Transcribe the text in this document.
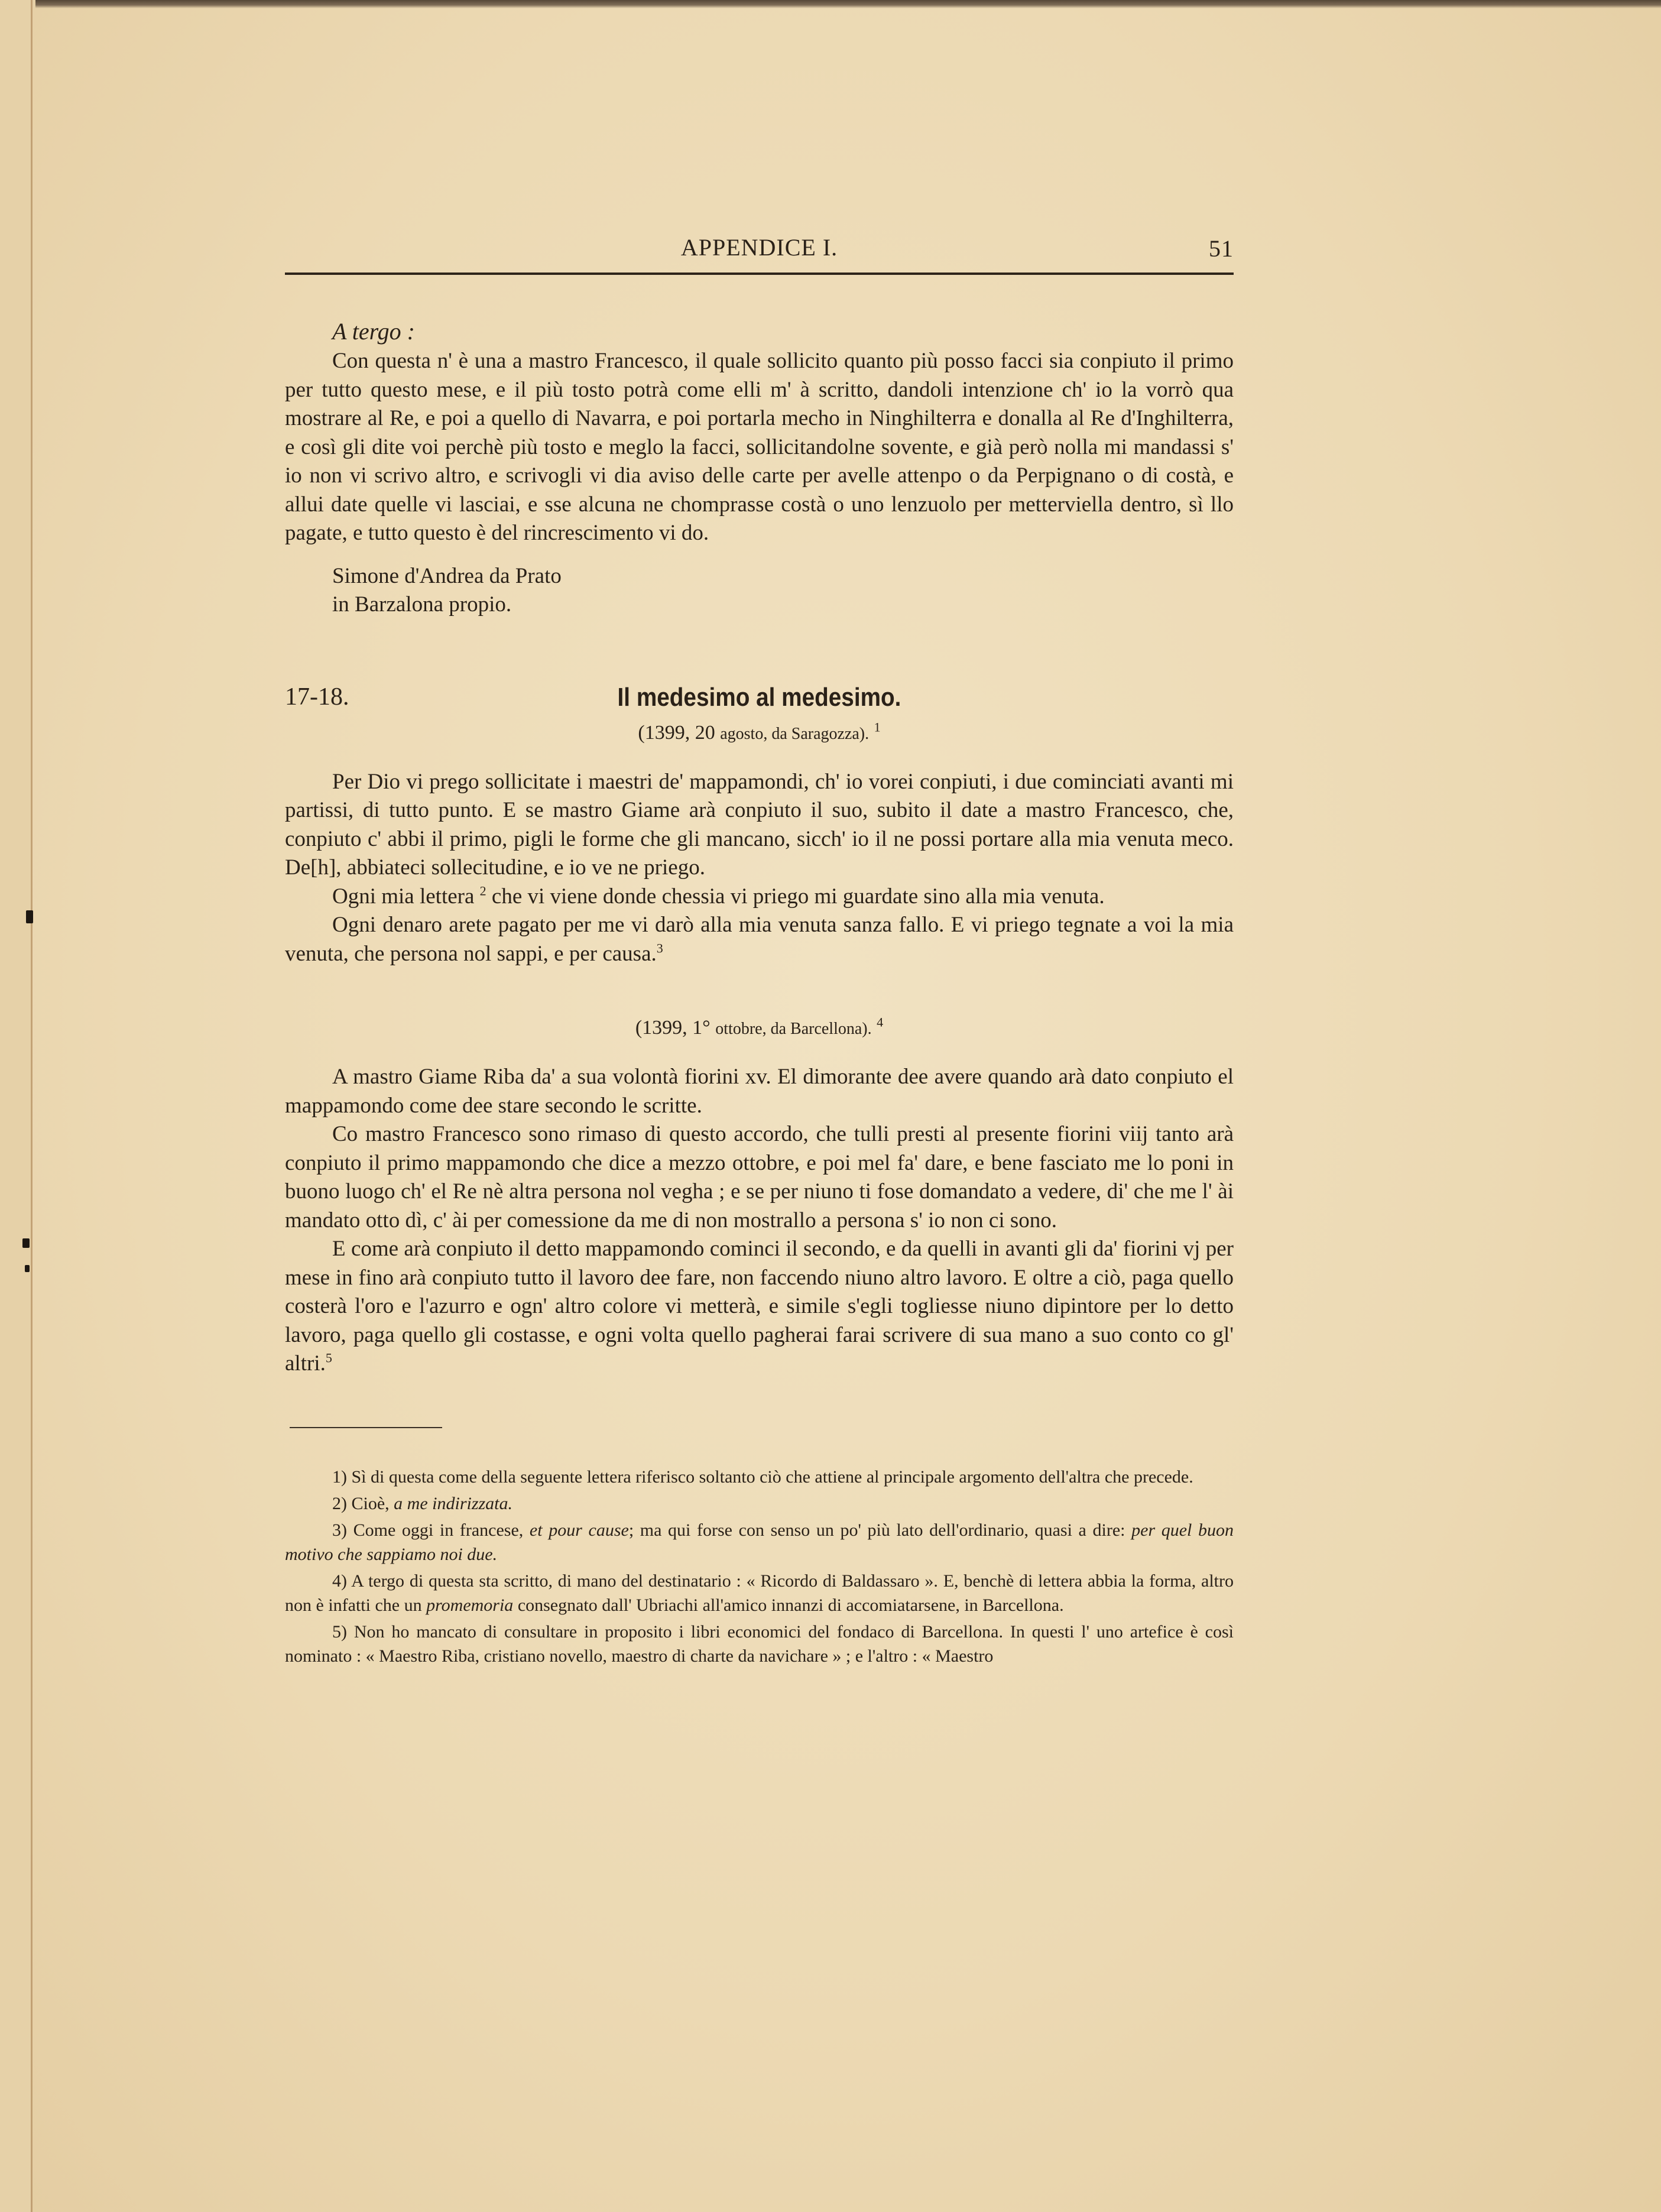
APPENDICE I.	51
A tergo :

Con questa n' è una a mastro Francesco, il quale sollicito quanto più posso facci sia conpiuto il primo per tutto questo mese, e il più tosto potrà come elli m' à scritto, dandoli intenzione ch' io la vorrò qua mostrare al Re, e poi a quello di Navarra, e poi portarla mecho in Ninghilterra e donalla al Re d'Inghilterra, e così gli dite voi perchè più tosto e meglo la facci, sollicitandolne sovente, e già però nolla mi mandassi s' io non vi scrivo altro, e scrivogli vi dia aviso delle carte per avelle attenpo o da Perpignano o di costà, e allui date quelle vi lasciai, e sse alcuna ne chomprasse costà o uno lenzuolo per metterviella dentro, sì llo pagate, e tutto questo è del rincrescimento vi do.

Simone d'Andrea da Prato
in Barzalona propio.
17-18.	Il medesimo al medesimo.
(1399, 20 agosto, da Saragozza). $^1$

Per Dio vi prego sollicitate i maestri de' mappamondi, ch' io vorei conpiuti, i due cominciati avanti mi partissi, di tutto punto. E se mastro Giame arà conpiuto il suo, subito il date a mastro Francesco, che, conpiuto c' abbi il primo, pigli le forme che gli mancano, sicch' io il ne possi portare alla mia venuta meco. De[h], abbiateci sollecitudine, e io ve ne priego.

Ogni mia lettera $^2$ che vi viene donde chessia vi priego mi guardate sino alla mia venuta.

Ogni denaro arete pagato per me vi darò alla mia venuta sanza fallo. E vi priego tegnate a voi la mia venuta, che persona nol sappi, e per causa.$^3$

(1399, 1° ottobre, da Barcellona). $^4$

A mastro Giame Riba da' a sua volontà fiorini xv. El dimorante dee avere quando arà dato conpiuto el mappamondo come dee stare secondo le scritte.

Co mastro Francesco sono rimaso di questo accordo, che tulli presti al presente fiorini viij tanto arà conpiuto il primo mappamondo che dice a mezzo ottobre, e poi mel fa' dare, e bene fasciato me lo poni in buono luogo ch' el Re nè altra persona nol vegha ; e se per niuno ti fose domandato a vedere, di' che me l' ài mandato otto dì, c' ài per comessione da me di non mostrallo a persona s' io non ci sono.

E come arà conpiuto il detto mappamondo cominci il secondo, e da quelli in avanti gli da' fiorini vj per mese in fino arà conpiuto tutto il lavoro dee fare, non faccendo niuno altro lavoro. E oltre a ciò, paga quello costerà l'oro e l'azurro e ogn' altro colore vi metterà, e simile s'egli togliesse niuno dipintore per lo detto lavoro, paga quello gli costasse, e ogni volta quello pagherai farai scrivere di sua mano a suo conto co gl' altri.$^5$

1) Sì di questa come della seguente lettera riferisco soltanto ciò che attiene al principale argomento dell'altra che precede.

2) Cioè, a me indirizzata.

3) Come oggi in francese, et pour cause; ma qui forse con senso un po' più lato dell'ordinario, quasi a dire: per quel buon motivo che sappiamo noi due.

4) A tergo di questa sta scritto, di mano del destinatario : « Ricordo di Baldassaro ». E, benchè di lettera abbia la forma, altro non è infatti che un promemoria consegnato dall' Ubriachi all'amico innanzi di accomiatarsene, in Barcellona.

5) Non ho mancato di consultare in proposito i libri economici del fondaco di Barcellona. In questi l' uno artefice è così nominato : « Maestro Riba, cristiano novello, maestro di charte da navichare » ; e l'altro : « Maestro
